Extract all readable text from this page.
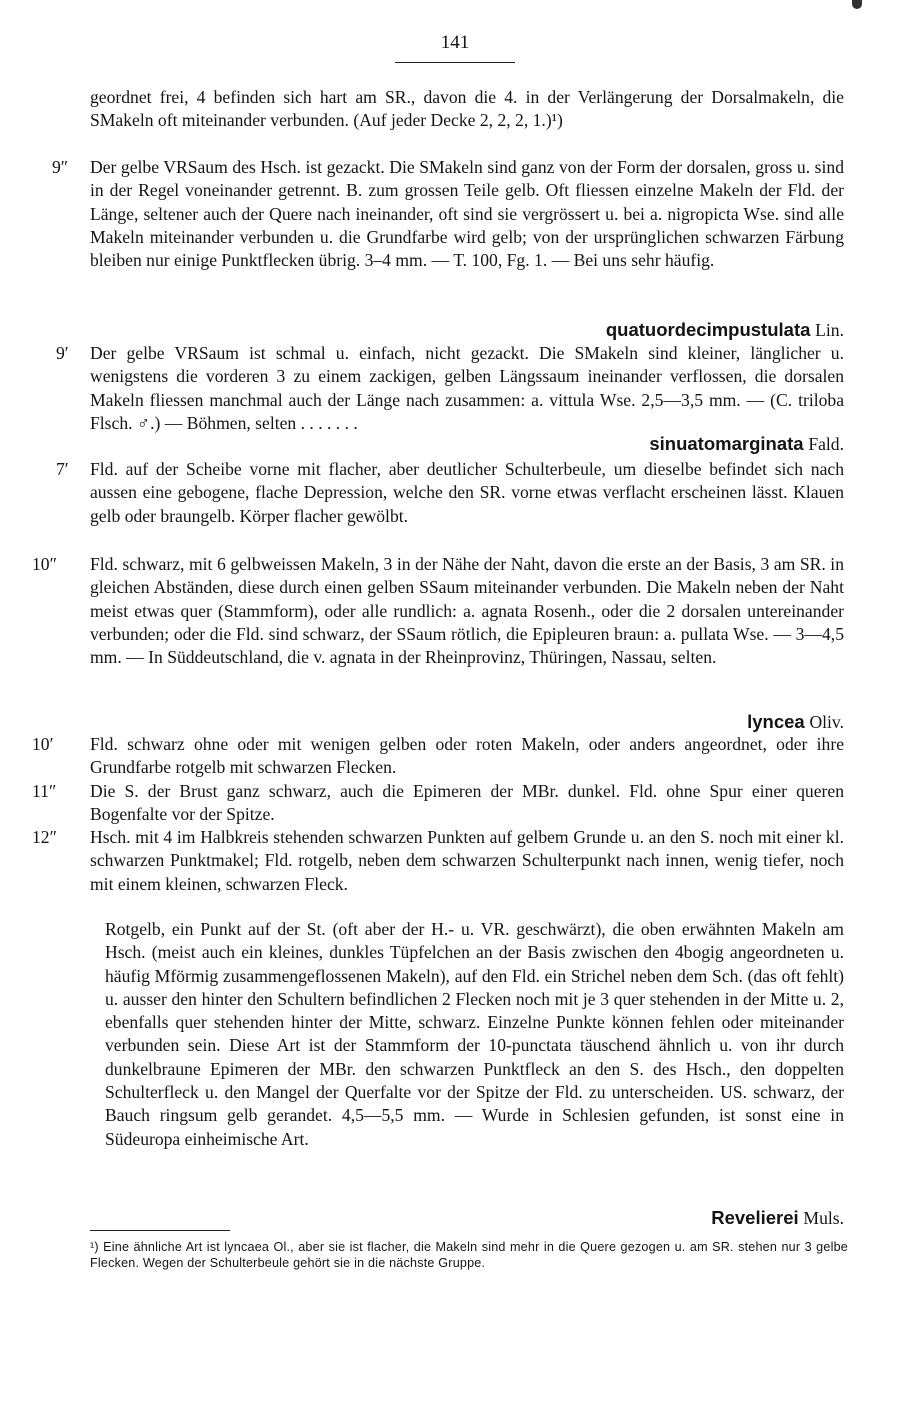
141
geordnet frei, 4 befinden sich hart am SR., davon die 4. in der Verlängerung der Dorsalmakeln, die SMakeln oft miteinander verbunden. (Auf jeder Decke 2, 2, 2, 1.)¹)
9″ Der gelbe VRSaum des Hsch. ist gezackt. Die SMakeln sind ganz von der Form der dorsalen, gross u. sind in der Regel voneinander getrennt. B. zum grossen Teile gelb. Oft fliessen einzelne Makeln der Fld. der Länge, seltener auch der Quere nach ineinander, oft sind sie vergrössert u. bei a. nigropicta Wse. sind alle Makeln miteinander verbunden u. die Grundfarbe wird gelb; von der ursprünglichen schwarzen Färbung bleiben nur einige Punktflecken übrig. 3–4 mm. — T. 100, Fg. 1. — Bei uns sehr häufig.
quatuordecimpustulata Lin.
9′ Der gelbe VRSaum ist schmal u. einfach, nicht gezackt. Die SMakeln sind kleiner, länglicher u. wenigstens die vorderen 3 zu einem zackigen, gelben Längssaum ineinander verflossen, die dorsalen Makeln fliessen manchmal auch der Länge nach zusammen: a. vittula Wse. 2,5—3,5 mm. — (C. triloba Flsch. ♂.) — Böhmen, selten . . . . . . .
sinuatomarginata Fald.
7′ Fld. auf der Scheibe vorne mit flacher, aber deutlicher Schulterbeule, um dieselbe befindet sich nach aussen eine gebogene, flache Depression, welche den SR. vorne etwas verflacht erscheinen lässt. Klauen gelb oder braungelb. Körper flacher gewölbt.
10″ Fld. schwarz, mit 6 gelbweissen Makeln, 3 in der Nähe der Naht, davon die erste an der Basis, 3 am SR. in gleichen Abständen, diese durch einen gelben SSaum miteinander verbunden. Die Makeln neben der Naht meist etwas quer (Stammform), oder alle rundlich: a. agnata Rosenh., oder die 2 dorsalen untereinander verbunden; oder die Fld. sind schwarz, der SSaum rötlich, die Epipleuren braun: a. pullata Wse. — 3—4,5 mm. — In Süddeutschland, die v. agnata in der Rheinprovinz, Thüringen, Nassau, selten.
lyncea Oliv.
10′ Fld. schwarz ohne oder mit wenigen gelben oder roten Makeln, oder anders angeordnet, oder ihre Grundfarbe rotgelb mit schwarzen Flecken.
11″ Die S. der Brust ganz schwarz, auch die Epimeren der MBr. dunkel. Fld. ohne Spur einer queren Bogenfalte vor der Spitze.
12″ Hsch. mit 4 im Halbkreis stehenden schwarzen Punkten auf gelbem Grunde u. an den S. noch mit einer kl. schwarzen Punktmakel; Fld. rotgelb, neben dem schwarzen Schulterpunkt nach innen, wenig tiefer, noch mit einem kleinen, schwarzen Fleck.
Rotgelb, ein Punkt auf der St. (oft aber der H.- u. VR. geschwärzt), die oben erwähnten Makeln am Hsch. (meist auch ein kleines, dunkles Tüpfelchen an der Basis zwischen den 4bogig angeordneten u. häufig Mförmig zusammengeflossenen Makeln), auf den Fld. ein Strichel neben dem Sch. (das oft fehlt) u. ausser den hinter den Schultern befindlichen 2 Flecken noch mit je 3 quer stehenden in der Mitte u. 2, ebenfalls quer stehenden hinter der Mitte, schwarz. Einzelne Punkte können fehlen oder miteinander verbunden sein. Diese Art ist der Stammform der 10-punctata täuschend ähnlich u. von ihr durch dunkelbraune Epimeren der MBr. den schwarzen Punktfleck an den S. des Hsch., den doppelten Schulterfleck u. den Mangel der Querfalte vor der Spitze der Fld. zu unterscheiden. US. schwarz, der Bauch ringsum gelb gerandet. 4,5—5,5 mm. — Wurde in Schlesien gefunden, ist sonst eine in Südeuropa einheimische Art.
Revelierei Muls.
¹) Eine ähnliche Art ist lyncaea Ol., aber sie ist flacher, die Makeln sind mehr in die Quere gezogen u. am SR. stehen nur 3 gelbe Flecken. Wegen der Schulterbeule gehört sie in die nächste Gruppe.
